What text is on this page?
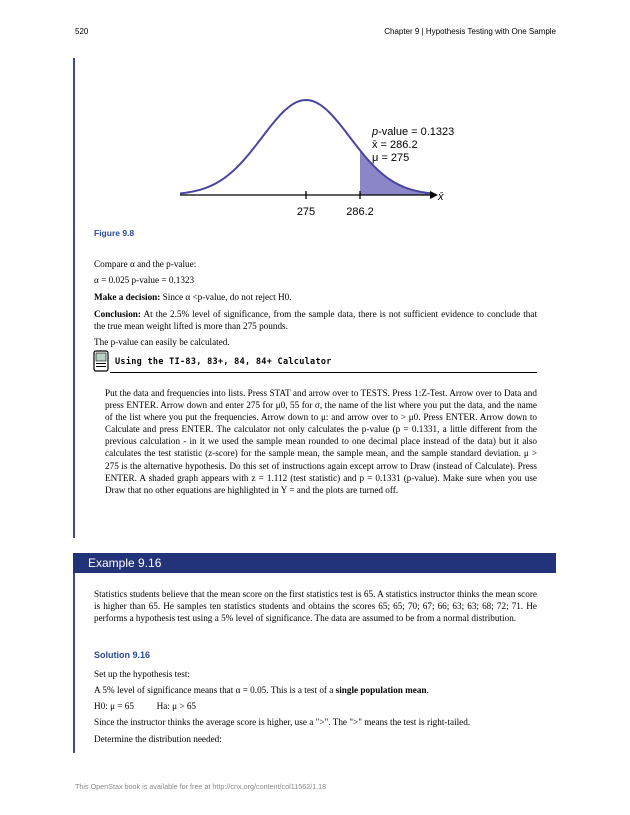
520	Chapter 9 | Hypothesis Testing with One Sample
275	286.2
x̄
p-value = 0.1323
x̄ = 286.2
μ = 275
Figure 9.8

Compare α and the p-value:

α = 0.025 p-value = 0.1323

Make a decision: Since α <p-value, do not reject H0.

Conclusion: At the 2.5% level of significance, from the sample data, there is not sufficient evidence to conclude that the true mean weight lifted is more than 275 pounds.

The p-value can easily be calculated.

Using the TI-83, 83+, 84, 84+ Calculator
Put the data and frequencies into lists. Press STAT and arrow over to TESTS. Press 1:Z-Test. Arrow over to Data and press ENTER. Arrow down and enter 275 for μ0, 55 for σ, the name of the list where you put the data, and the name of the list where you put the frequencies. Arrow down to μ: and arrow over to > μ0. Press ENTER. Arrow down to Calculate and press ENTER. The calculator not only calculates the p-value (p = 0.1331, a little different from the previous calculation - in it we used the sample mean rounded to one decimal place instead of the data) but it also calculates the test statistic (z-score) for the sample mean, the sample mean, and the sample standard deviation. μ > 275 is the alternative hypothesis. Do this set of instructions again except arrow to Draw (instead of Calculate). Press ENTER. A shaded graph appears with z = 1.112 (test statistic) and p = 0.1331 (p-value). Make sure when you use Draw that no other equations are highlighted in Y = and the plots are turned off.
Example 9.16

Statistics students believe that the mean score on the first statistics test is 65. A statistics instructor thinks the mean score is higher than 65. He samples ten statistics students and obtains the scores 65; 65; 70; 67; 66; 63; 63; 68; 72; 71. He performs a hypothesis test using a 5% level of significance. The data are assumed to be from a normal distribution.

Solution 9.16

Set up the hypothesis test:

A 5% level of significance means that α = 0.05. This is a test of a single population mean.

H0: μ = 65 Ha: μ > 65

Since the instructor thinks the average score is higher, use a ">". The ">" means the test is right-tailed.

Determine the distribution needed:

This OpenStax book is available for free at http://cnx.org/content/col11562/1.18
